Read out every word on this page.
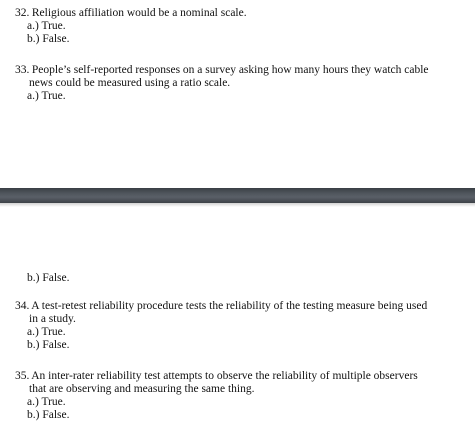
32. Religious affiliation would be a nominal scale.

a.) True.
b.) False.

33. People’s self-reported responses on a survey asking how many hours they watch cable news could be measured using a ratio scale.

a.) True.
b.) False.

34. A test-retest reliability procedure tests the reliability of the testing measure being used in a study.

a.) True.
b.) False.

35. An inter-rater reliability test attempts to observe the reliability of multiple observers that are observing and measuring the same thing.

a.) True.
b.) False.
